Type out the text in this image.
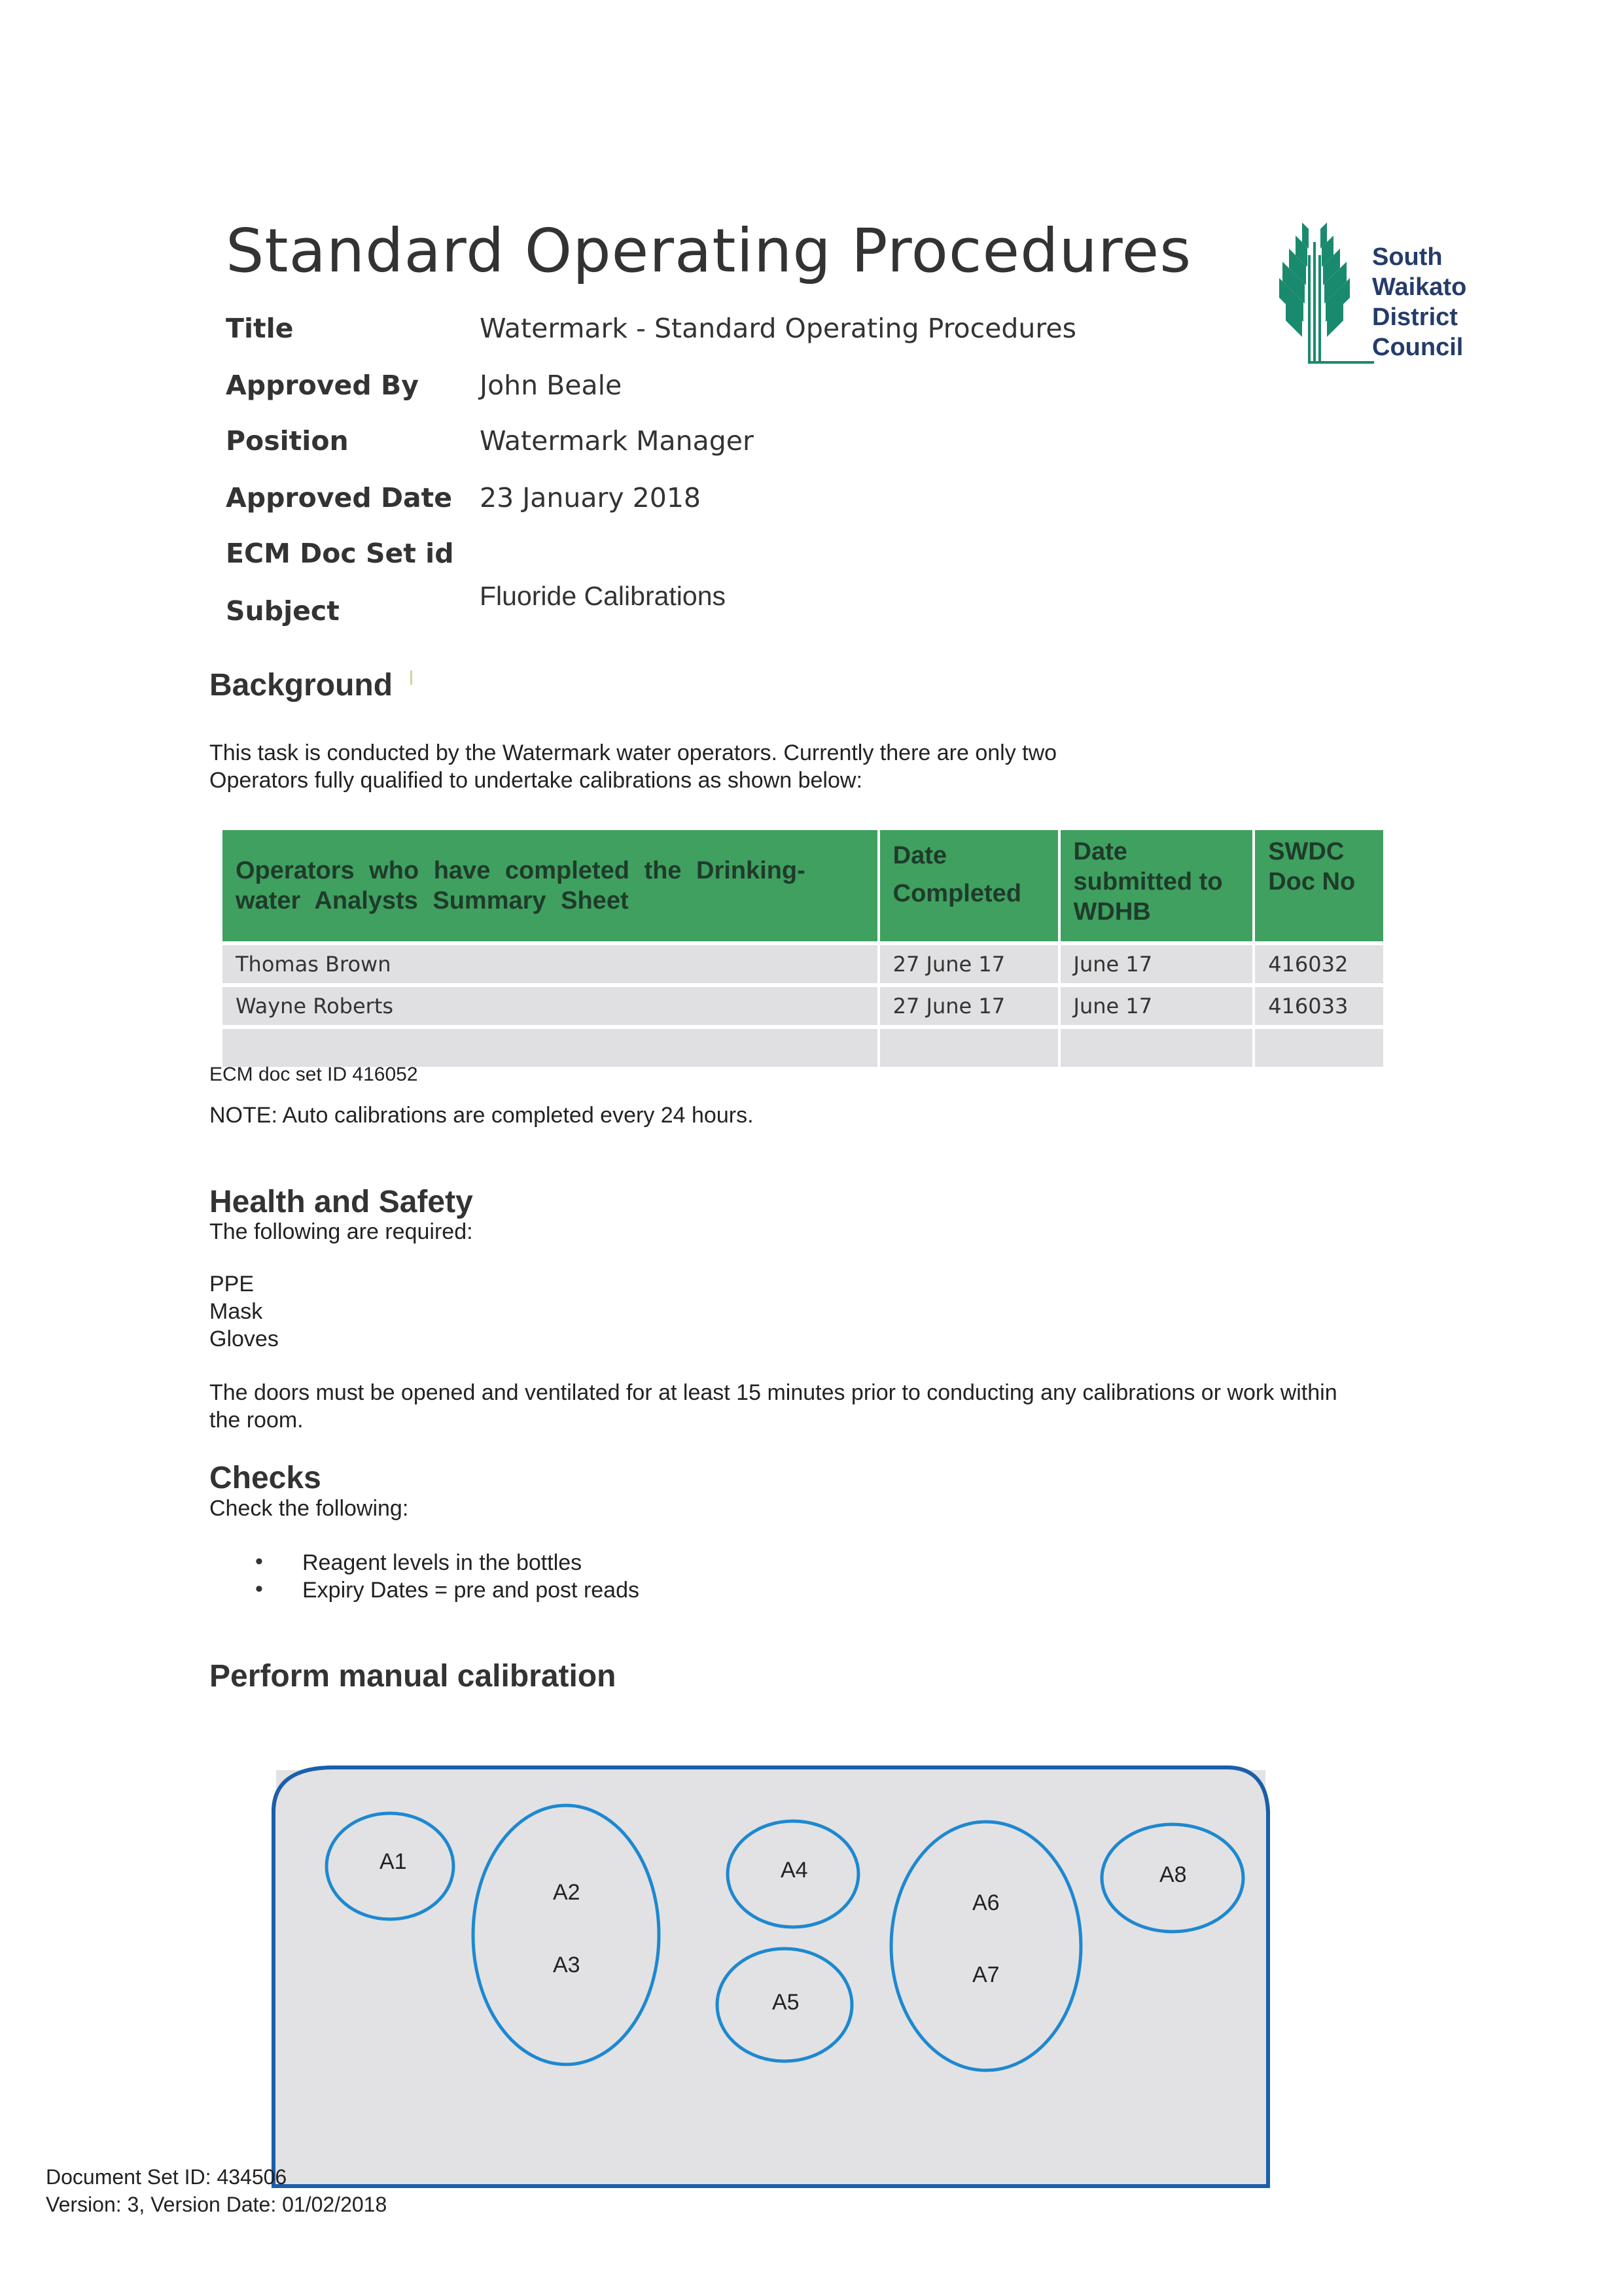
Standard Operating Procedures	South
Waikato
District
Council
Title	Watermark - Standard Operating Procedures
Approved By John Beale
Position	Watermark Manager
Approved Date 23 January 2018
ECM Doc Set id
Subject	Fluoride Calibrations
Background
This task is conducted by the Watermark water operators. Currently there are only two
Operators fully qualified to undertake calibrations as shown below:
Operators who have completed the Drinking-water Analysts Summary Sheet	Date Completed	Date submitted to WDHB	SWDC Doc No
Thomas Brown	27 June 17	June 17	416032
Wayne Roberts	27 June 17	June 17	416033

ECM doc set ID 416052
NOTE: Auto calibrations are completed every 24 hours.
Health and Safety
The following are required:
PPE
Mask
Gloves
The doors must be opened and ventilated for at least 15 minutes prior to conducting any calibrations or work within
the room.
Checks
Check the following:
• Reagent levels in the bottles
• Expiry Dates = pre and post reads
Perform manual calibration
A1
A2
A3
A4
A5
A6
A7
A8
Document Set ID: 434506
Version: 3, Version Date: 01/02/2018
